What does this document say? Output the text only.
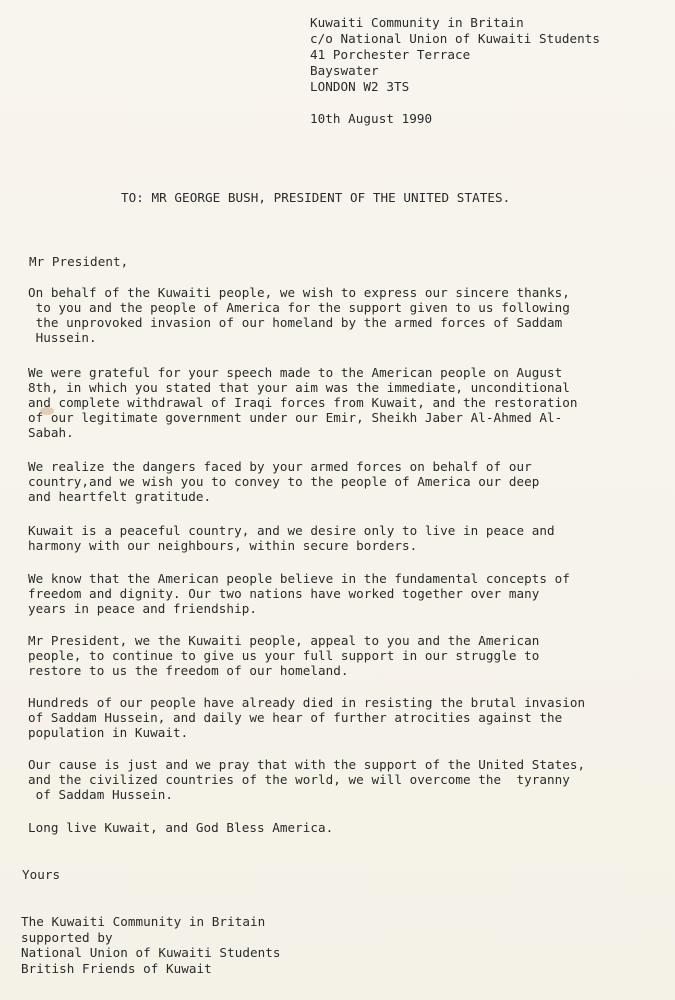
Kuwaiti Community in Britain
c/o National Union of Kuwaiti Students
41 Porchester Terrace
Bayswater
LONDON W2 3TS
10th August 1990
TO: MR GEORGE BUSH, PRESIDENT OF THE UNITED STATES.
Mr President,
On behalf of the Kuwaiti people, we wish to express our sincere thanks,
to you and the people of America for the support given to us following
the unprovoked invasion of our homeland by the armed forces of Saddam
Hussein.
We were grateful for your speech made to the American people on August
8th, in which you stated that your aim was the immediate, unconditional
and complete withdrawal of Iraqi forces from Kuwait, and the restoration
of our legitimate government under our Emir, Sheikh Jaber Al-Ahmed Al-
Sabah.
We realize the dangers faced by your armed forces on behalf of our
country,and we wish you to convey to the people of America our deep
and heartfelt gratitude.
Kuwait is a peaceful country, and we desire only to live in peace and
harmony with our neighbours, within secure borders.
We know that the American people believe in the fundamental concepts of
freedom and dignity. Our two nations have worked together over many
years in peace and friendship.
Mr President, we the Kuwaiti people, appeal to you and the American
people, to continue to give us your full support in our struggle to
restore to us the freedom of our homeland.
Hundreds of our people have already died in resisting the brutal invasion
of Saddam Hussein, and daily we hear of further atrocities against the
population in Kuwait.
Our cause is just and we pray that with the support of the United States,
and the civilized countries of the world, we will overcome the  tyranny
of Saddam Hussein.
Long live Kuwait, and God Bless America.
Yours
The Kuwaiti Community in Britain
supported by
National Union of Kuwaiti Students
British Friends of Kuwait
